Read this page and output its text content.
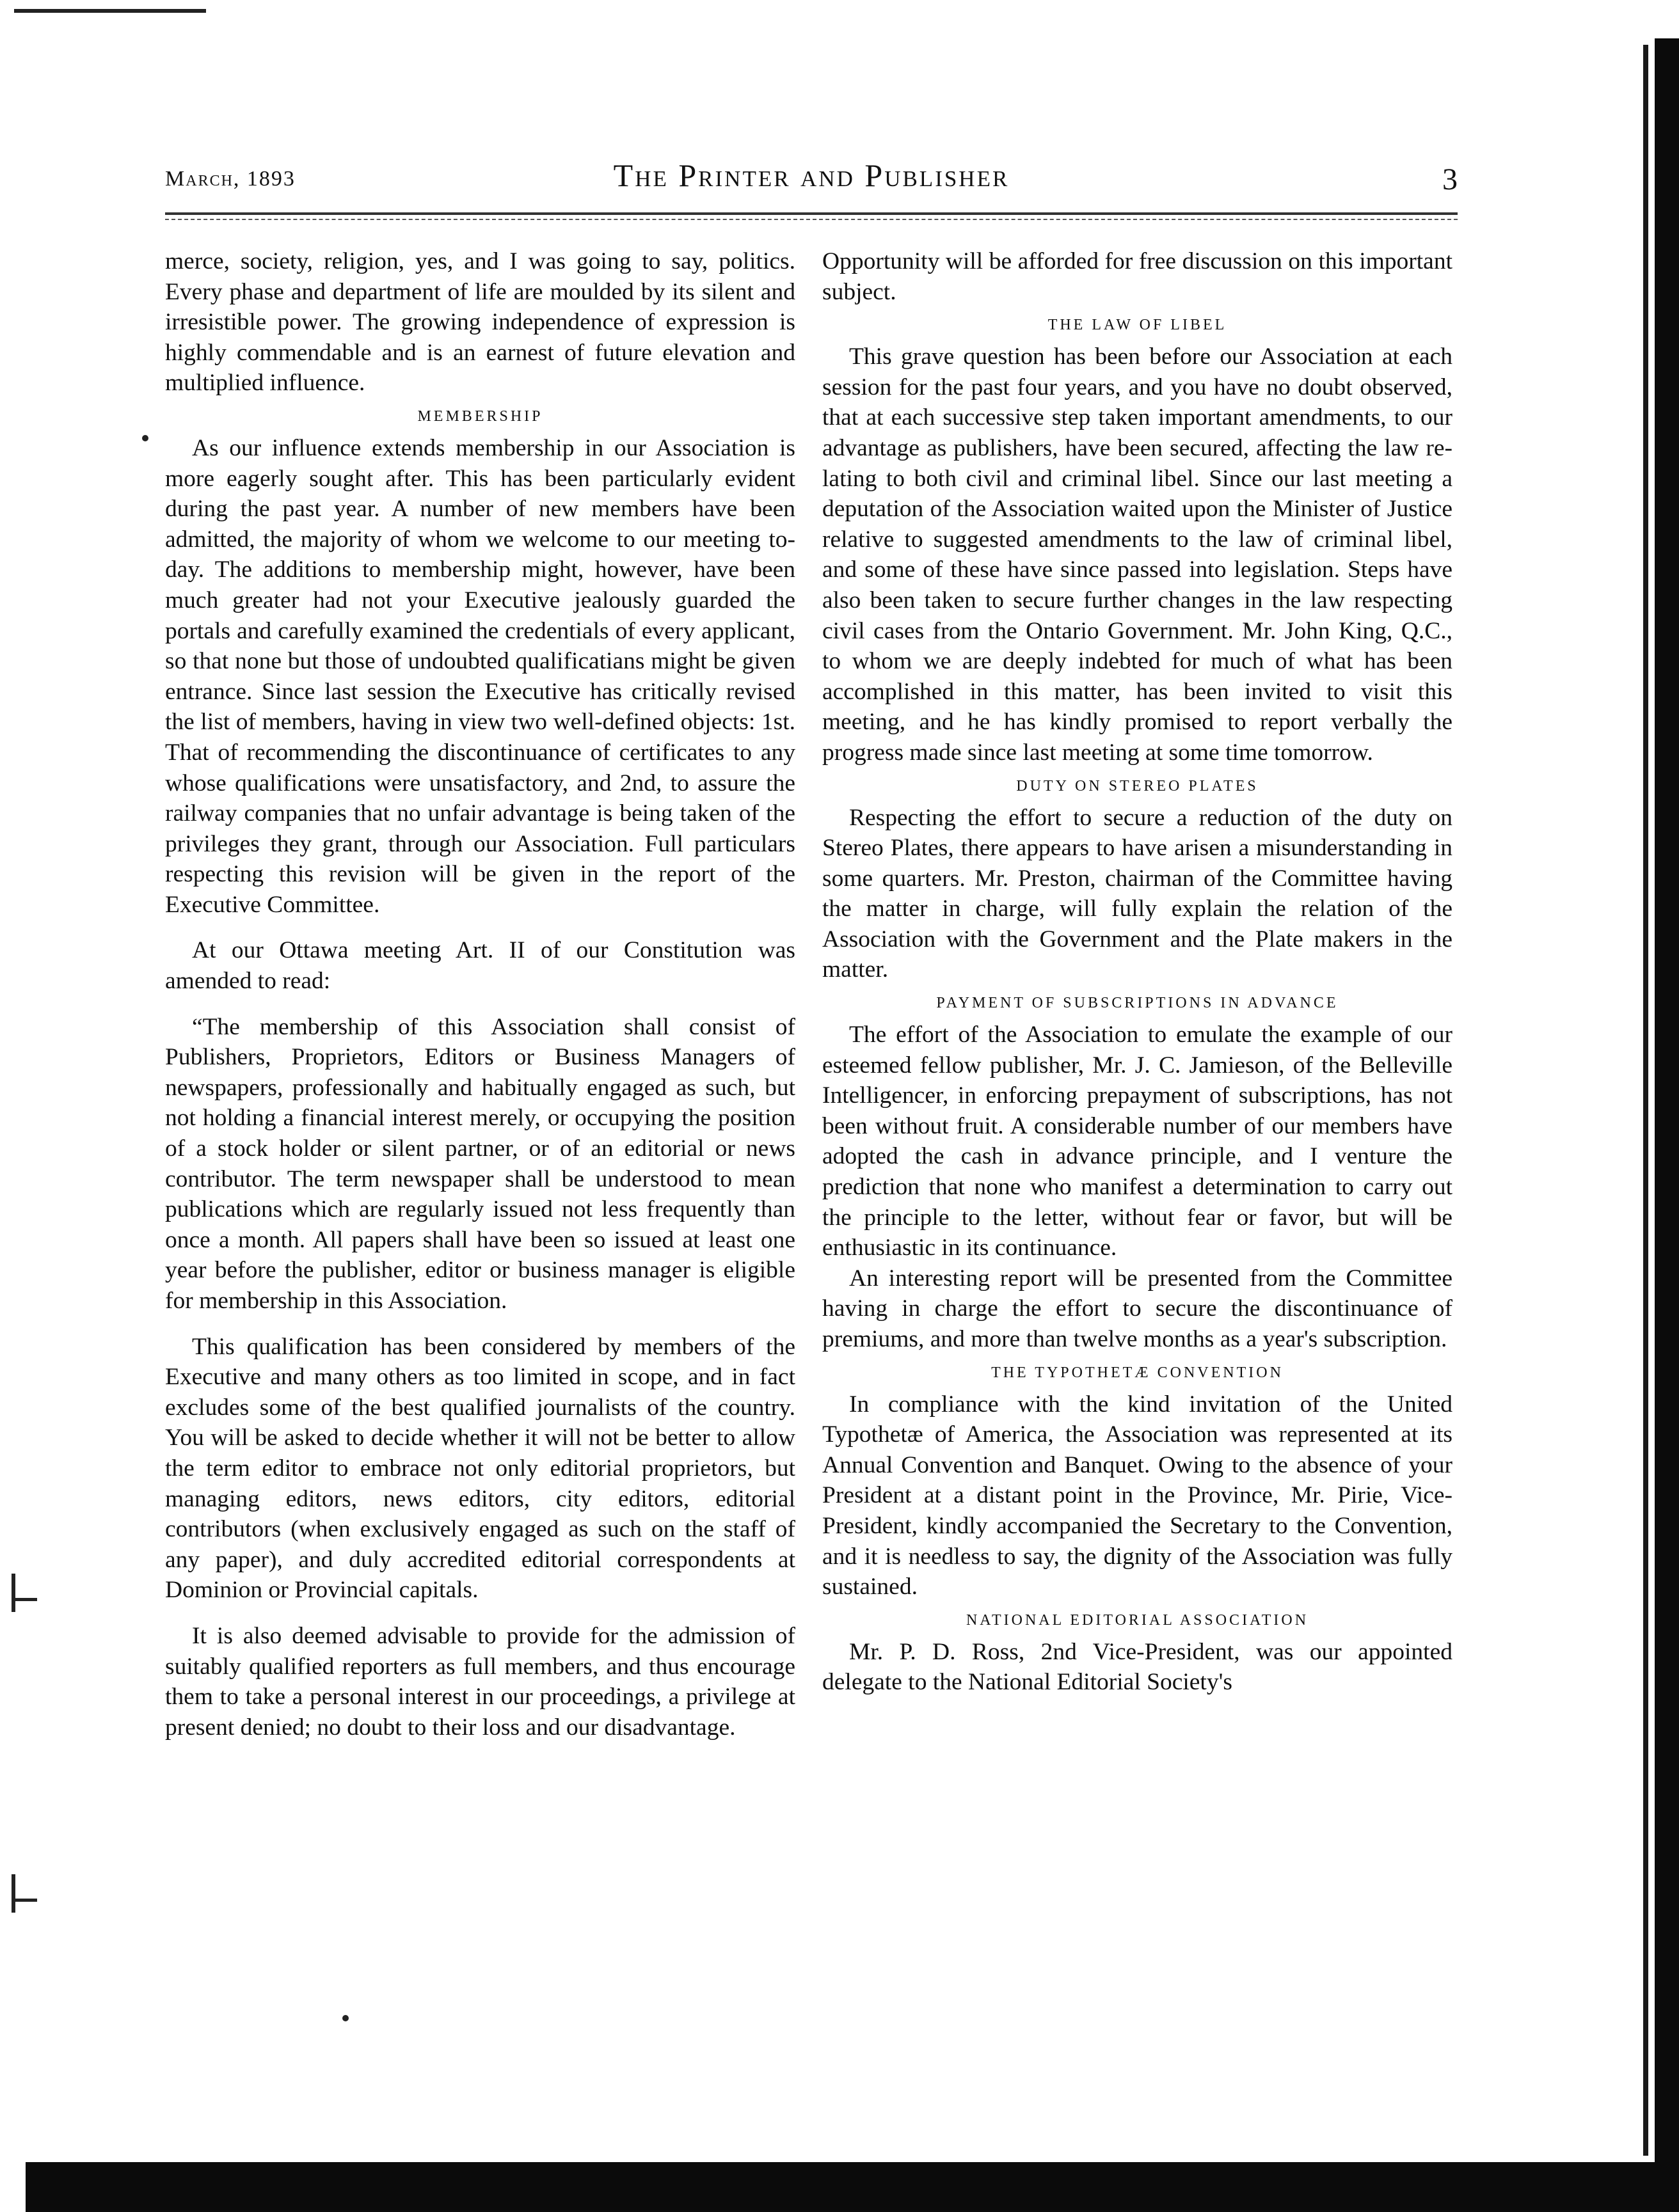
March, 1893	The Printer and Publisher	3

merce, society, religion, yes, and I was going to say, politics. Every phase and department of life are moulded by its silent and irresistible power. The growing independence of expression is highly commendable and is an earnest of future elevation and multiplied influence.

MEMBERSHIP

As our influence extends membership in our Association is more eagerly sought after. This has been particularly evident during the past year. A number of new members have been admitted, the majority of whom we welcome to our meeting to-day. The additions to membership might, however, have been much greater had not your Executive jealously guarded the portals and carefully examined the credentials of every applicant, so that none but those of undoubted qualificatians might be given entrance. Since last session the Executive has critically revised the list of members, having in view two well-defined objects: 1st. That of recommending the discontinuance of certificates to any whose qualifications were unsatisfactory, and 2nd, to assure the railway companies that no unfair advantage is being taken of the privileges they grant, through our Association. Full particulars respecting this revision will be given in the report of the Executive Committee.

At our Ottawa meeting Art. II of our Constitution was amended to read:

“The membership of this Association shall consist of Publishers, Proprietors, Editors or Business Managers of newspapers, professionally and habitually engaged as such, but not holding a financial interest merely, or occupying the position of a stock holder or silent partner, or of an editorial or news contributor. The term newspaper shall be understood to mean publications which are regularly issued not less frequently than once a month. All papers shall have been so issued at least one year before the publisher, editor or business manager is eligible for membership in this Association.

This qualification has been considered by members of the Executive and many others as too limited in scope, and in fact excludes some of the best qualified journalists of the country. You will be asked to decide whether it will not be better to allow the term editor to embrace not only editorial proprietors, but managing editors, news editors, city editors, editorial contributors (when exclusively engaged as such on the staff of any paper), and duly accredited editorial correspondents at Dominion or Provincial capitals.

It is also deemed advisable to provide for the admission of suitably qualified reporters as full members, and thus encourage them to take a personal interest in our proceedings, a privilege at present denied; no doubt to their loss and our disadvantage.

Opportunity will be afforded for free discussion on this important subject.

THE LAW OF LIBEL

This grave question has been before our Association at each session for the past four years, and you have no doubt observed, that at each successive step taken important amendments, to our advantage as publishers, have been secured, affecting the law relating to both civil and criminal libel. Since our last meeting a deputation of the Association waited upon the Minister of Justice relative to suggested amendments to the law of criminal libel, and some of these have since passed into legislation. Steps have also been taken to secure further changes in the law respecting civil cases from the Ontario Government. Mr. John King, Q.C., to whom we are deeply indebted for much of what has been accomplished in this matter, has been invited to visit this meeting, and he has kindly promised to report verbally the progress made since last meeting at some time tomorrow.

DUTY ON STEREO PLATES

Respecting the effort to secure a reduction of the duty on Stereo Plates, there appears to have arisen a misunderstanding in some quarters. Mr. Preston, chairman of the Committee having the matter in charge, will fully explain the relation of the Association with the Government and the Plate makers in the matter.

PAYMENT OF SUBSCRIPTIONS IN ADVANCE

The effort of the Association to emulate the example of our esteemed fellow publisher, Mr. J. C. Jamieson, of the Belleville Intelligencer, in enforcing prepayment of subscriptions, has not been without fruit. A considerable number of our members have adopted the cash in advance principle, and I venture the prediction that none who manifest a determination to carry out the principle to the letter, without fear or favor, but will be enthusiastic in its continuance.

An interesting report will be presented from the Committee having in charge the effort to secure the discontinuance of premiums, and more than twelve months as a year's subscription.

THE TYPOTHETÆ CONVENTION

In compliance with the kind invitation of the United Typothetæ of America, the Association was represented at its Annual Convention and Banquet. Owing to the absence of your President at a distant point in the Province, Mr. Pirie, Vice-President, kindly accompanied the Secretary to the Convention, and it is needless to say, the dignity of the Association was fully sustained.

NATIONAL EDITORIAL ASSOCIATION

Mr. P. D. Ross, 2nd Vice-President, was our appointed delegate to the National Editorial Society's
